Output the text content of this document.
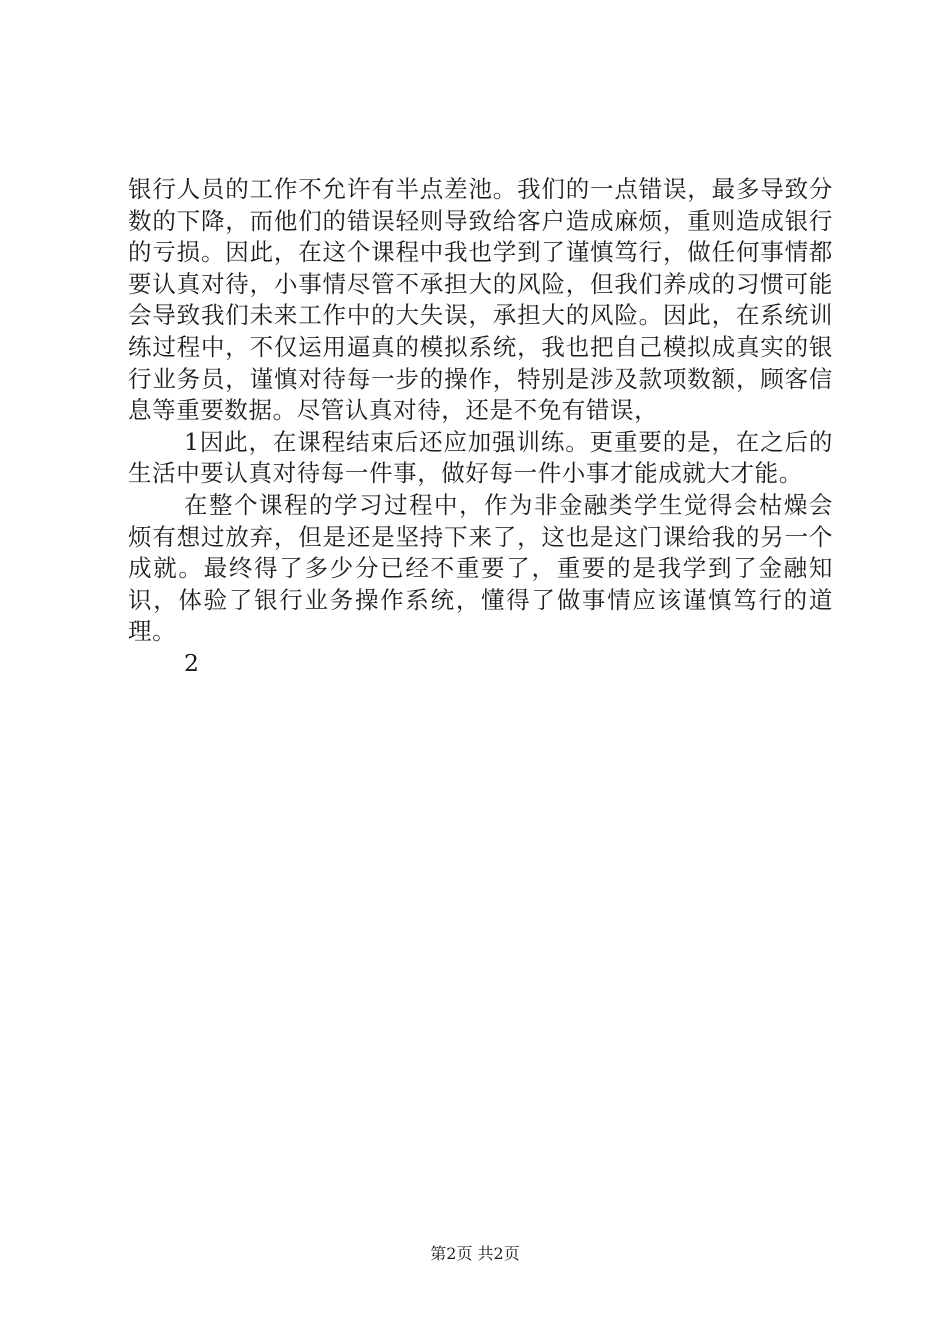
银行人员的工作不允许有半点差池。我们的一点错误，最多导致分数的下降，而他们的错误轻则导致给客户造成麻烦，重则造成银行的亏损。因此，在这个课程中我也学到了谨慎笃行，做任何事情都要认真对待，小事情尽管不承担大的风险，但我们养成的习惯可能会导致我们未来工作中的大失误，承担大的风险。因此，在系统训练过程中，不仅运用逼真的模拟系统，我也把自己模拟成真实的银行业务员，谨慎对待每一步的操作，特别是涉及款项数额，顾客信息等重要数据。尽管认真对待，还是不免有错误，

1因此，在课程结束后还应加强训练。更重要的是，在之后的生活中要认真对待每一件事，做好每一件小事才能成就大才能。

在整个课程的学习过程中，作为非金融类学生觉得会枯燥会烦有想过放弃，但是还是坚持下来了，这也是这门课给我的另一个成就。最终得了多少分已经不重要了，重要的是我学到了金融知识，体验了银行业务操作系统，懂得了做事情应该谨慎笃行的道理。

2

第2页 共2页
